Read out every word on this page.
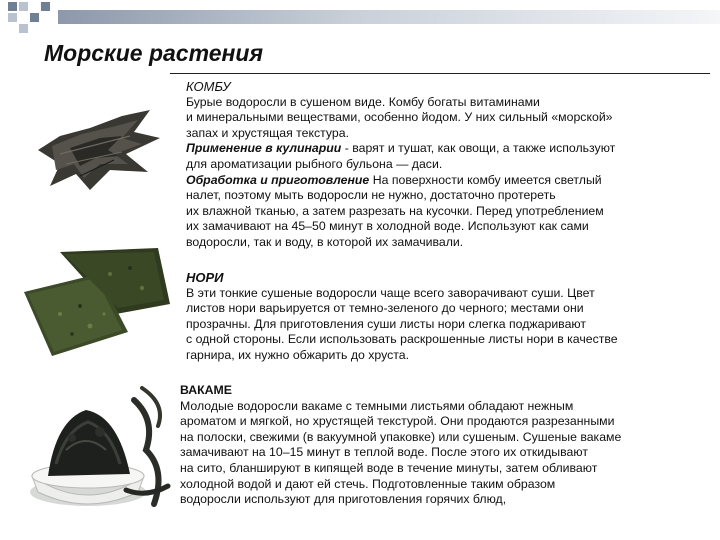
Морские растения

КОМБУ

Бурые водоросли в сушеном виде. Комбу богаты витаминами

и минеральными веществами, особенно йодом. У них сильный «морской»

запах и хрустящая текстура.

Применение в кулинарии - варят и тушат, как овощи, а также используют

для ароматизации рыбного бульона — даси.

Обработка и приготовление На поверхности комбу имеется светлый

налет, поэтому мыть водоросли не нужно, достаточно протереть

их влажной тканью, а затем разрезать на кусочки. Перед употреблением

их замачивают на 45–50 минут в холодной воде. Используют как сами

водоросли, так и воду, в которой их замачивали.

НОРИ

В эти тонкие сушеные водоросли чаще всего заворачивают суши. Цвет

листов нори варьируется от темно-зеленого до черного; местами они

прозрачны. Для приготовления суши листы нори слегка поджаривают

с одной стороны. Если использовать раскрошенные листы нори в качестве

гарнира, их нужно обжарить до хруста.

ВАКАМЕ

Молодые водоросли вакаме с темными листьями обладают нежным

ароматом и мягкой, но хрустящей текстурой. Они продаются разрезанными

на полоски, свежими (в вакуумной упаковке) или сушеным. Сушеные вакаме

замачивают на 10–15 минут в теплой воде. После этого их откидывают

на сито, бланшируют в кипящей воде в течение минуты, затем обливают

холодной водой и дают ей стечь. Подготовленные таким образом

водоросли используют для приготовления горячих блюд,
